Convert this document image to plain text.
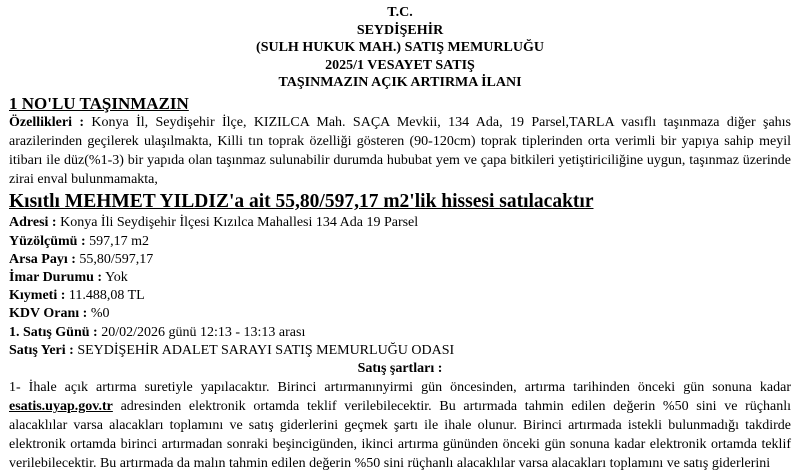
T.C.

SEYDİŞEHİR

(SULH HUKUK MAH.) SATIŞ MEMURLUĞU

2025/1 VESAYET SATIŞ

TAŞINMAZIN AÇIK ARTIRMA İLANI

1 NO'LU TAŞINMAZIN

Özellikleri : Konya İl, Seydişehir İlçe, KIZILCA Mah. SAÇA Mevkii, 134 Ada, 19 Parsel,TARLA vasıflı taşınmaza diğer şahıs arazilerinden geçilerek ulaşılmakta, Killi tın toprak özelliği gösteren (90-120cm) toprak tiplerinden orta verimli bir yapıya sahip meyil itibarı ile düz(%1-3) bir yapıda olan taşınmaz sulunabilir durumda hububat yem ve çapa bitkileri yetiştiriciliğine uygun, taşınmaz üzerinde zirai enval bulunmamakta,

Kısıtlı MEHMET YILDIZ'a ait 55,80/597,17 m2'lik hissesi satılacaktır

Adresi : Konya İli Seydişehir İlçesi Kızılca Mahallesi 134 Ada 19 Parsel

Yüzölçümü : 597,17 m2

Arsa Payı : 55,80/597,17

İmar Durumu : Yok

Kıymeti : 11.488,08 TL

KDV Oranı : %0

1. Satış Günü : 20/02/2026 günü 12:13 - 13:13 arası

Satış Yeri : SEYDİŞEHİR ADALET SARAYI SATIŞ MEMURLUĞU ODASI

Satış şartları :

1- İhale açık artırma suretiyle yapılacaktır. Birinci artırmanınyirmi gün öncesinden, artırma tarihinden önceki gün sonuna kadar esatis.uyap.gov.tr adresinden elektronik ortamda teklif verilebilecektir. Bu artırmada tahmin edilen değerin %50 sini ve rüçhanlı alacaklılar varsa alacakları toplamını ve satış giderlerini geçmek şartı ile ihale olunur. Birinci artırmada istekli bulunmadığı takdirde elektronik ortamda birinci artırmadan sonraki beşincigünden, ikinci artırma gününden önceki gün sonuna kadar elektronik ortamda teklif verilebilecektir. Bu artırmada da malın tahmin edilen değerin %50 sini rüçhanlı alacaklılar varsa alacakları toplamını ve satış giderlerini
